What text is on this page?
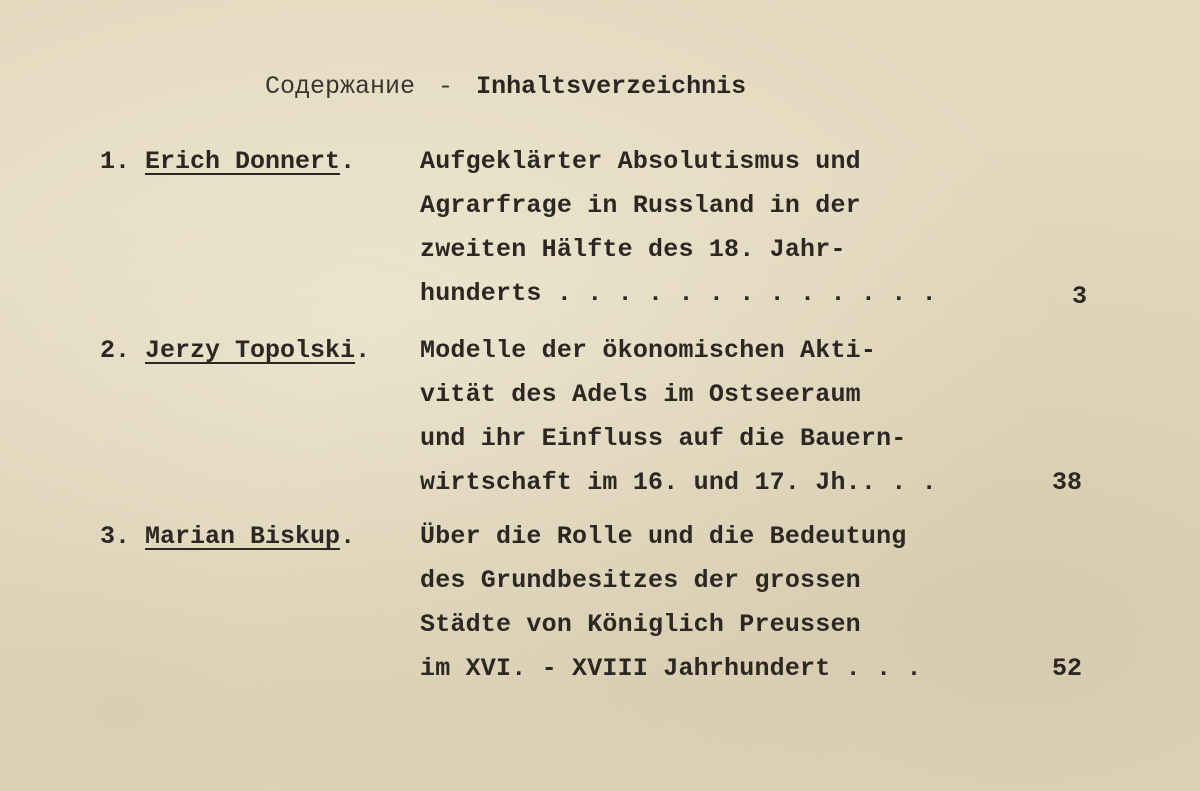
Содержание - Inhaltsverzeichnis
1. Erich Donnert.	Aufgeklärter Absolutismus und
Agrarfrage in Russland in der
zweiten Hälfte des 18. Jahr-
hunderts . . . . . . . . . . . . .	3
2. Jerzy Topolski. Modelle der ökonomischen Akti-
vität des Adels im Ostseeraum
und ihr Einfluss auf die Bauern-
wirtschaft im 16. und 17. Jh.. . .	38
3. Marian Biskup.	Über die Rolle und die Bedeutung
des Grundbesitzes der grossen
Städte von Königlich Preussen
im XVI. - XVIII Jahrhundert . . .	52
